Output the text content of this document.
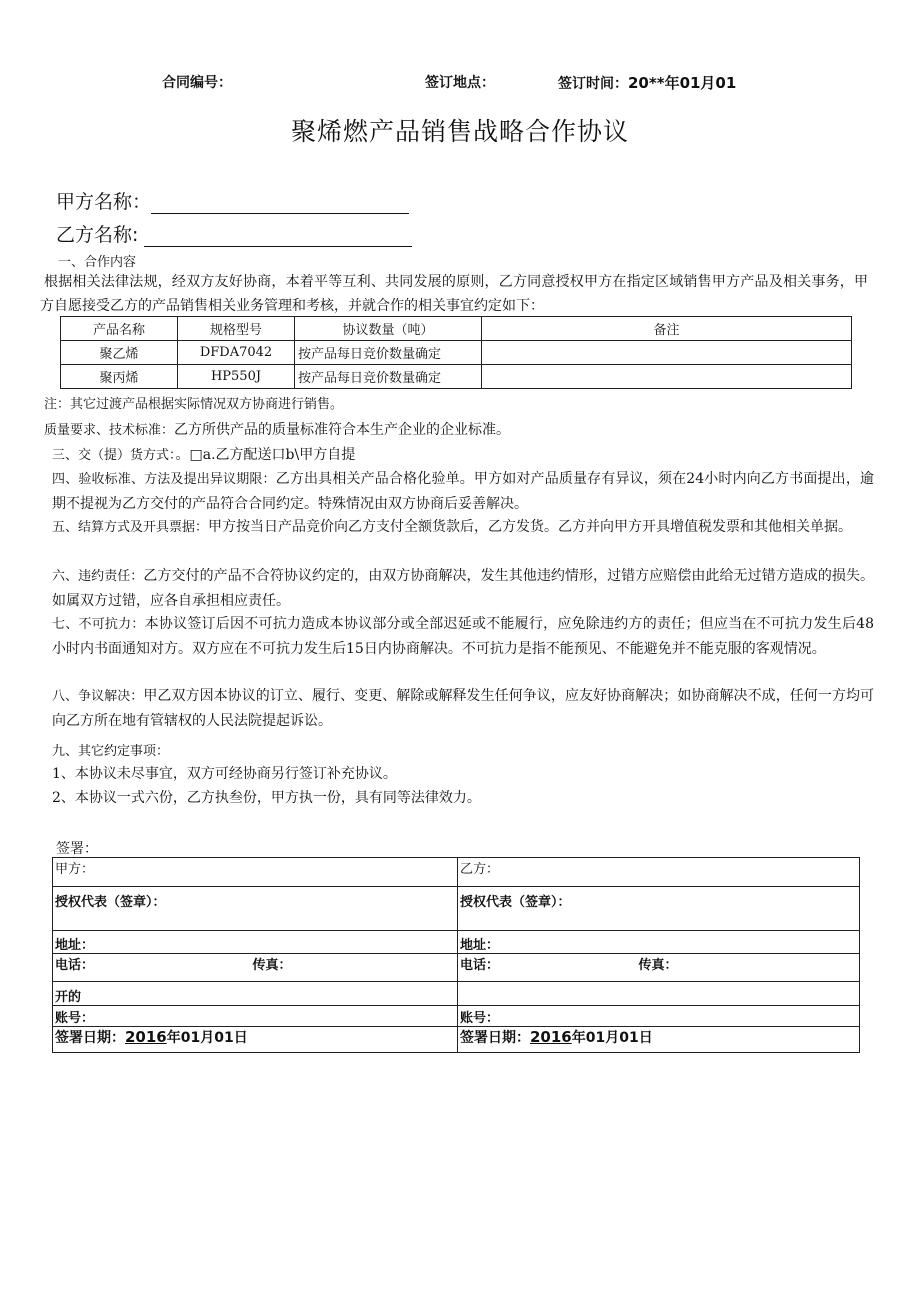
合同编号：	签订地点：	签订时间：20**年01月01
聚烯燃产品销售战略合作协议
甲方名称：
乙方名称:
一、合作内容
根据相关法律法规，经双方友好协商，本着平等互利、共同发展的原则，乙方同意授权甲方在指定区域销售甲方产品及相关事务，甲方自愿接受乙方的产品销售相关业务管理和考核，并就合作的相关事宜约定如下：
产品名称	规格型号	协议数量（吨）	备注
聚乙烯	DFDA7042	按产品每日竞价数量确定	
聚丙烯	HP550J	按产品每日竞价数量确定	
注：其它过渡产品根据实际情况双方协商进行销售。
质量要求、技术标准：乙方所供产品的质量标准符合本生产企业的企业标准。
三、交（提）货方式：。□a.乙方配送口b\甲方自提
四、验收标准、方法及提出异议期限：乙方出具相关产品合格化验单。甲方如对产品质量存有异议，须在24小时内向乙方书面提出，逾期不提视为乙方交付的产品符合合同约定。特殊情况由双方协商后妥善解决。
五、结算方式及开具票据：甲方按当日产品竞价向乙方支付全额货款后，乙方发货。乙方并向甲方开具增值税发票和其他相关单据。
六、违约责任：乙方交付的产品不合符协议约定的，由双方协商解决，发生其他违约情形，过错方应赔偿由此给无过错方造成的损失。如属双方过错，应各自承担相应责任。
七、不可抗力：本协议签订后因不可抗力造成本协议部分或全部迟延或不能履行，应免除违约方的责任；但应当在不可抗力发生后48小时内书面通知对方。双方应在不可抗力发生后15日内协商解决。不可抗力是指不能预见、不能避免并不能克服的客观情况。
八、争议解决：甲乙双方因本协议的订立、履行、变更、解除或解释发生任何争议，应友好协商解决；如协商解决不成，任何一方均可向乙方所在地有管辖权的人民法院提起诉讼。
九、其它约定事项：
1、本协议未尽事宜，双方可经协商另行签订补充协议。
2、本协议一式六份，乙方执叁份，甲方执一份，具有同等法律效力。
签署：
甲方：	乙方：
授权代表（签章）：	授权代表（签章）：
地址：	地址：
电话： 传真：	电话： 传真：

开的	
账号：	账号：
签署日期：2016年01月01日	签署日期：2016年01月01日
